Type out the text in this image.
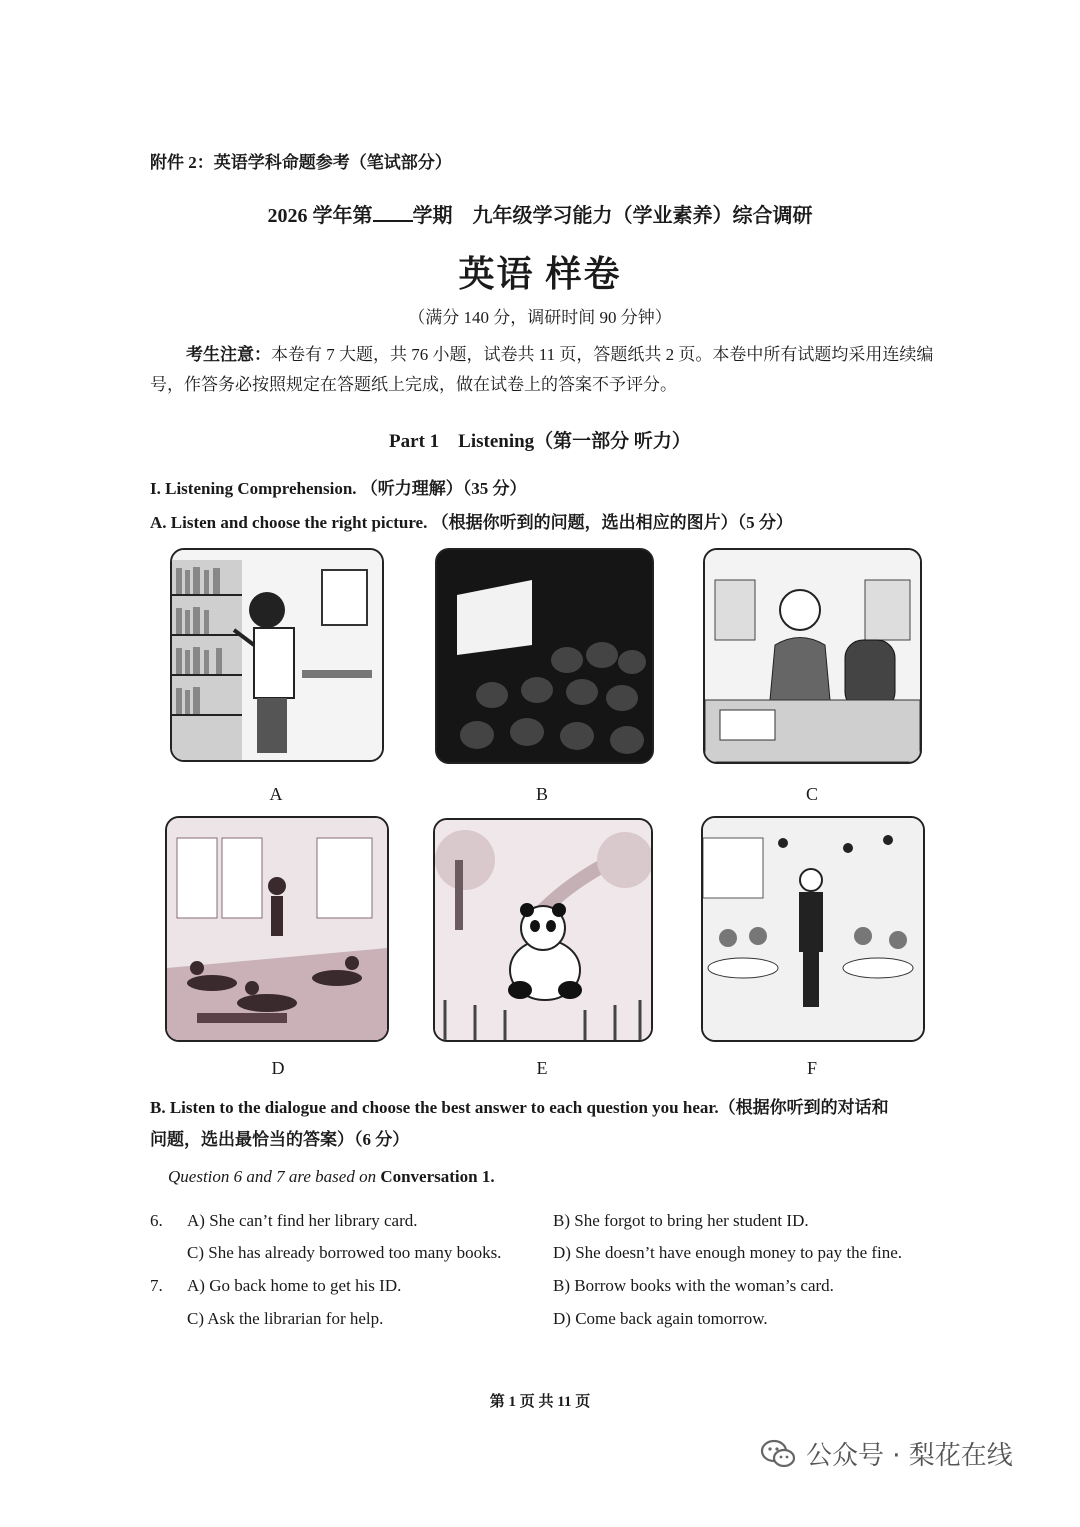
附件 2：英语学科命题参考（笔试部分）
2026 学年第 学期　九年级学习能力（学业素养）综合调研
英语 样卷
（满分 140 分，调研时间 90 分钟）
考生注意：本卷有 7 大题，共 76 小题，试卷共 11 页，答题纸共 2 页。本卷中所有试题均采用连续编号，作答务必按照规定在答题纸上完成，做在试卷上的答案不予评分。
Part 1　Listening（第一部分 听力）
I. Listening Comprehension. （听力理解）（35 分）
A. Listen and choose the right picture. （根据你听到的问题，选出相应的图片）（5 分）
A	B	C
D	E	F
B. Listen to the dialogue and choose the best answer to each question you hear.（根据你听到的对话和
问题，选出最恰当的答案）（6 分）
Question 6 and 7 are based on Conversation 1.
6. A) She can’t find her library card.	B) She forgot to bring her student ID.
C) She has already borrowed too many books.	D) She doesn’t have enough money to pay the fine.
7. A) Go back home to get his ID.	B) Borrow books with the woman’s card.
C) Ask the librarian for help.	D) Come back again tomorrow.
第 1 页 共 11 页
公众号 · 梨花在线
